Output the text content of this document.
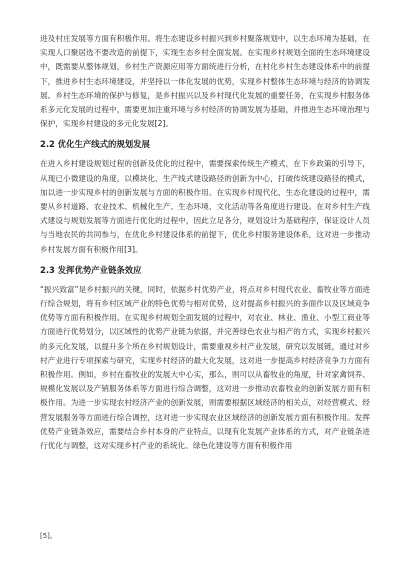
进及村庄发展等方面有积极作用。将生态建设乡村振兴到乡村聚落规划中，以生态环境为基础，在实现人口聚居选不要改造的前提下，实现生态乡村全面发展。在实现乡村规划全面的生态环境建设中，既需要从整体规划，乡村生产资源应用等方面统进行分析，在村化乡村生态建设体系中的前提下，推进乡村生态环境建设，并坚持以一体化发展的优势，实现乡村整体生态环境与经济的协调发展。乡村生态环境的保护与修复，是乡村振兴以及乡村现代化发展的重要任务，在实现乡村服务体系多元化发展的过程中，需要更加注重环境与乡村经济的协调发展为基础，并推进生态环境治理与保护，实现乡村建设的多元化发展[2]。

2.2 优化生产线式的规划发展

在进入乡村建设规划过程的创新及优化的过程中，需要探索传统生产模式，在下乡政策的引导下，从现已小微建设的角度，以模块化、生产线式建设路径的创新为中心，打破传统建设路径的模式，加以进一步实现乡村的创新发展与方面的积极作用。在实现乡村现代化、生态化建设的过程中，需要从乡村道路、农业技术、机械化生产、生态环境、文化活动等各角度进行建设。在对乡村生产线式建设与规划发展等方面进行优化的过程中，因此立足各分，规划设计为基础程序，保证设计人员与当地农民的共同参与，在优化乡村建设体系的前提下，优化乡村服务建设体系，这对进一步推动乡村发展方面有积极作用[3]。

2.3 发挥优势产业链条效应

“振兴致富”是乡村振兴的关键，同时，依据乡村优势产业，将点对乡村现代农业、畜牧业等方面进行综合规划，将有乡村区域产业的特色优势与相对优势，这对提高乡村振兴的多面作以及区域竞争优势等方面有积极作用。在实现乡村规划全面发展的过程中，对农业、林业、渔业、小型工商业等方面进行优势划分，以区域性的优势产业链为依据，并完善绿色农业与相产的方式，实现乡村振兴的多元化发展，以提升多个所在乡村规划设计，需要重视乡村产业发展，研究以发展链，通过对乡村产业进行专项探索与研究，实现乡村经济的最大化发展，这对进一步提高乡村经济竞争力方面有积极作用。例如，乡村在畜牧业的发展大中心实，那么，则可以从畜牧业的角度，针对家禽饲养、规模化发展以及产销服务体系等方面进行综合调整，这对进一步推动农畜牧业的创新发展方面有积极作用。为进一步实现农村经济产业的创新发展，则需要根据区域经济的相关点，对经营模式、经营发展服务等方面进行综合调控，这对进一步实现农业区域经济的创新发展方面有积极作用。发挥优势产业链条效应，需要结合乡村本身的产业特点，以现有化发展产业体系的方式，对产业链条进行优化与调整，这对实现乡村产业的系统化、绿色化建设等方面有积极作用

[5]。
